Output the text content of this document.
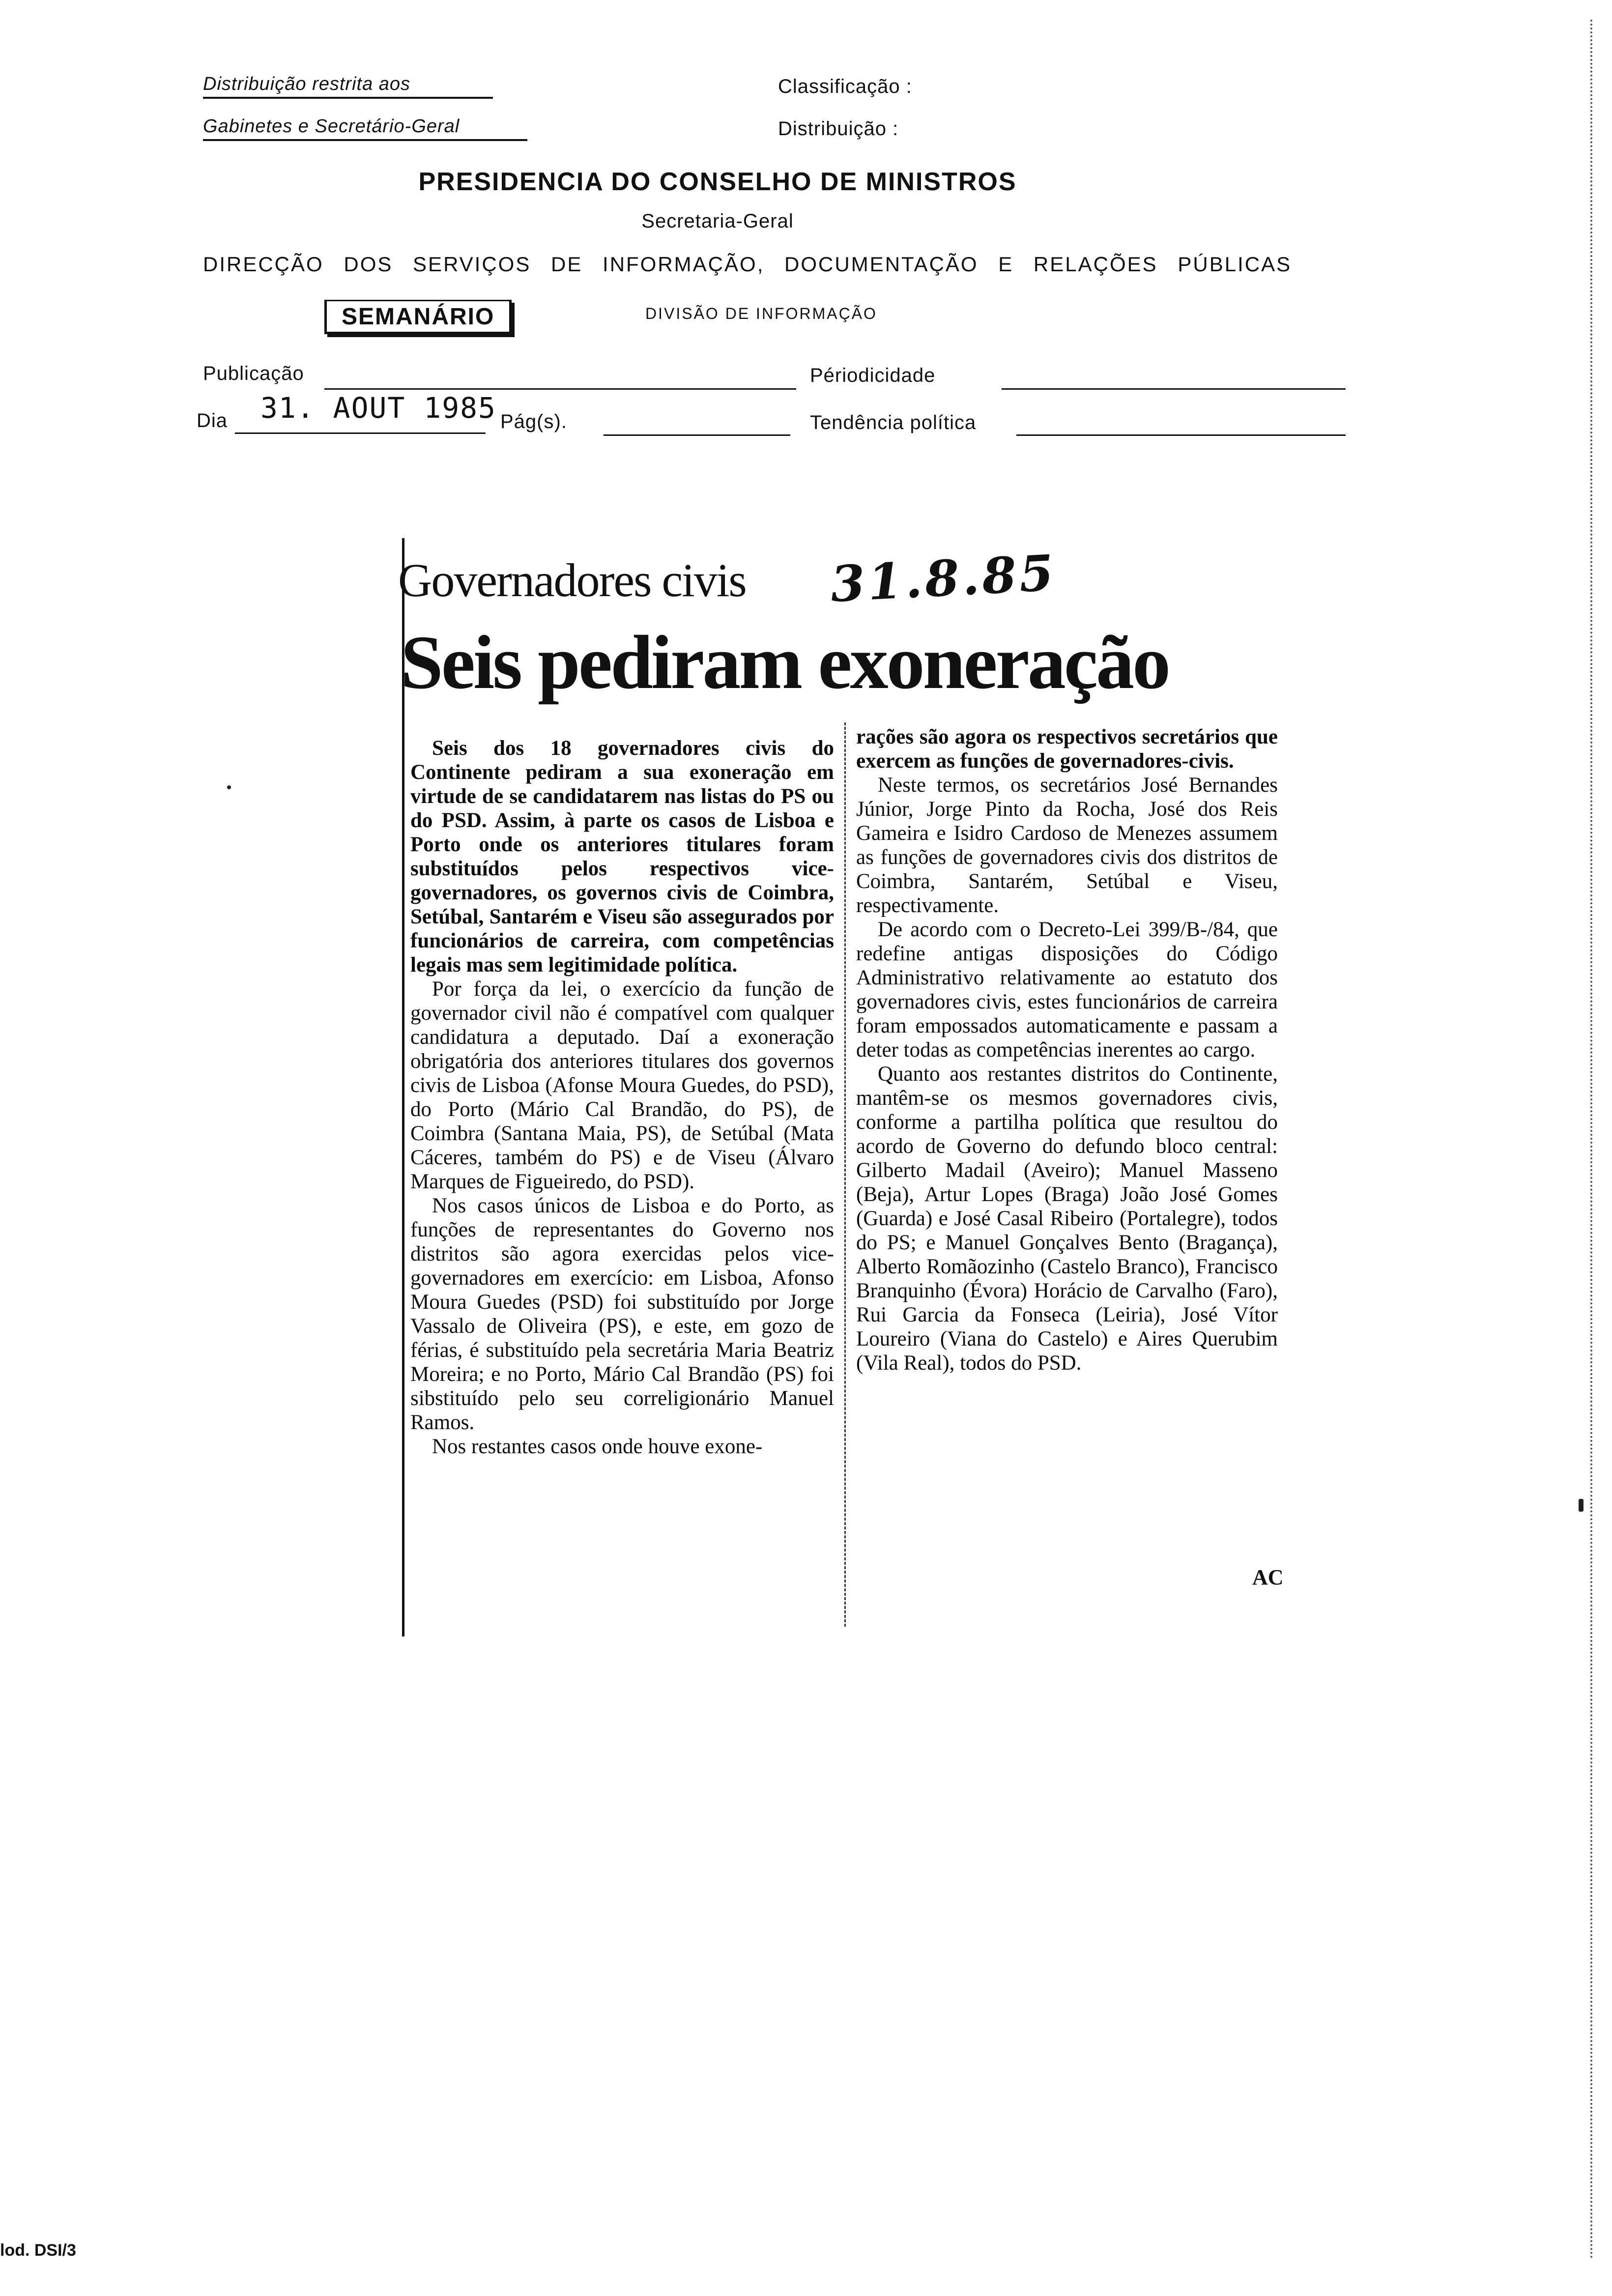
Distribuição restrita aos
Gabinetes e Secretário-Geral
Classificação :
Distribuição :
PRESIDENCIA DO CONSELHO DE MINISTROS
Secretaria-Geral
DIRECÇÃO DOS SERVIÇOS DE INFORMAÇÃO, DOCUMENTAÇÃO E RELAÇÕES PÚBLICAS
SEMANÁRIO	DIVISÃO DE INFORMAÇÃO
Publicação	Périodicidade
Dia 31. AOUT 1985 Pág(s).	Tendência política
Governadores civis 31.8.85
Seis pediram exoneração

Seis dos 18 governadores civis do Continente pediram a sua exoneração em virtude de se candidatarem nas listas do PS ou do PSD. Assim, à parte os casos de Lisboa e Porto onde os anteriores titulares foram substituídos pelos respectivos vice-governadores, os governos civis de Coimbra, Setúbal, Santarém e Viseu são assegurados por funcionários de carreira, com competências legais mas sem legitimidade política.

Por força da lei, o exercício da função de governador civil não é compatível com qualquer candidatura a deputado. Daí a exoneração obrigatória dos anteriores titulares dos governos civis de Lisboa (Afonse Moura Guedes, do PSD), do Porto (Mário Cal Brandão, do PS), de Coimbra (Santana Maia, PS), de Setúbal (Mata Cáceres, também do PS) e de Viseu (Álvaro Marques de Figueiredo, do PSD).

Nos casos únicos de Lisboa e do Porto, as funções de representantes do Governo nos distritos são agora exercidas pelos vice-governadores em exercício: em Lisboa, Afonso Moura Guedes (PSD) foi substituído por Jorge Vassalo de Oliveira (PS), e este, em gozo de férias, é substituído pela secretária Maria Beatriz Moreira; e no Porto, Mário Cal Brandão (PS) foi sibstituído pelo seu correligionário Manuel Ramos.

Nos restantes casos onde houve exone-

rações são agora os respectivos secretários que exercem as funções de governadores-civis.

Neste termos, os secretários José Bernandes Júnior, Jorge Pinto da Rocha, José dos Reis Gameira e Isidro Cardoso de Menezes assumem as funções de governadores civis dos distritos de Coimbra, Santarém, Setúbal e Viseu, respectivamente.

De acordo com o Decreto-Lei 399/B-/84, que redefine antigas disposições do Código Administrativo relativamente ao estatuto dos governadores civis, estes funcionários de carreira foram empossados automaticamente e passam a deter todas as competências inerentes ao cargo.

Quanto aos restantes distritos do Continente, mantêm-se os mesmos governadores civis, conforme a partilha política que resultou do acordo de Governo do defundo bloco central: Gilberto Madail (Aveiro); Manuel Masseno (Beja), Artur Lopes (Braga) João José Gomes (Guarda) e José Casal Ribeiro (Portalegre), todos do PS; e Manuel Gonçalves Bento (Bragança), Alberto Romãozinho (Castelo Branco), Francisco Branquinho (Évora) Horácio de Carvalho (Faro), Rui Garcia da Fonseca (Leiria), José Vítor Loureiro (Viana do Castelo) e Aires Querubim (Vila Real), todos do PSD.

AC
lod. DSI/3
